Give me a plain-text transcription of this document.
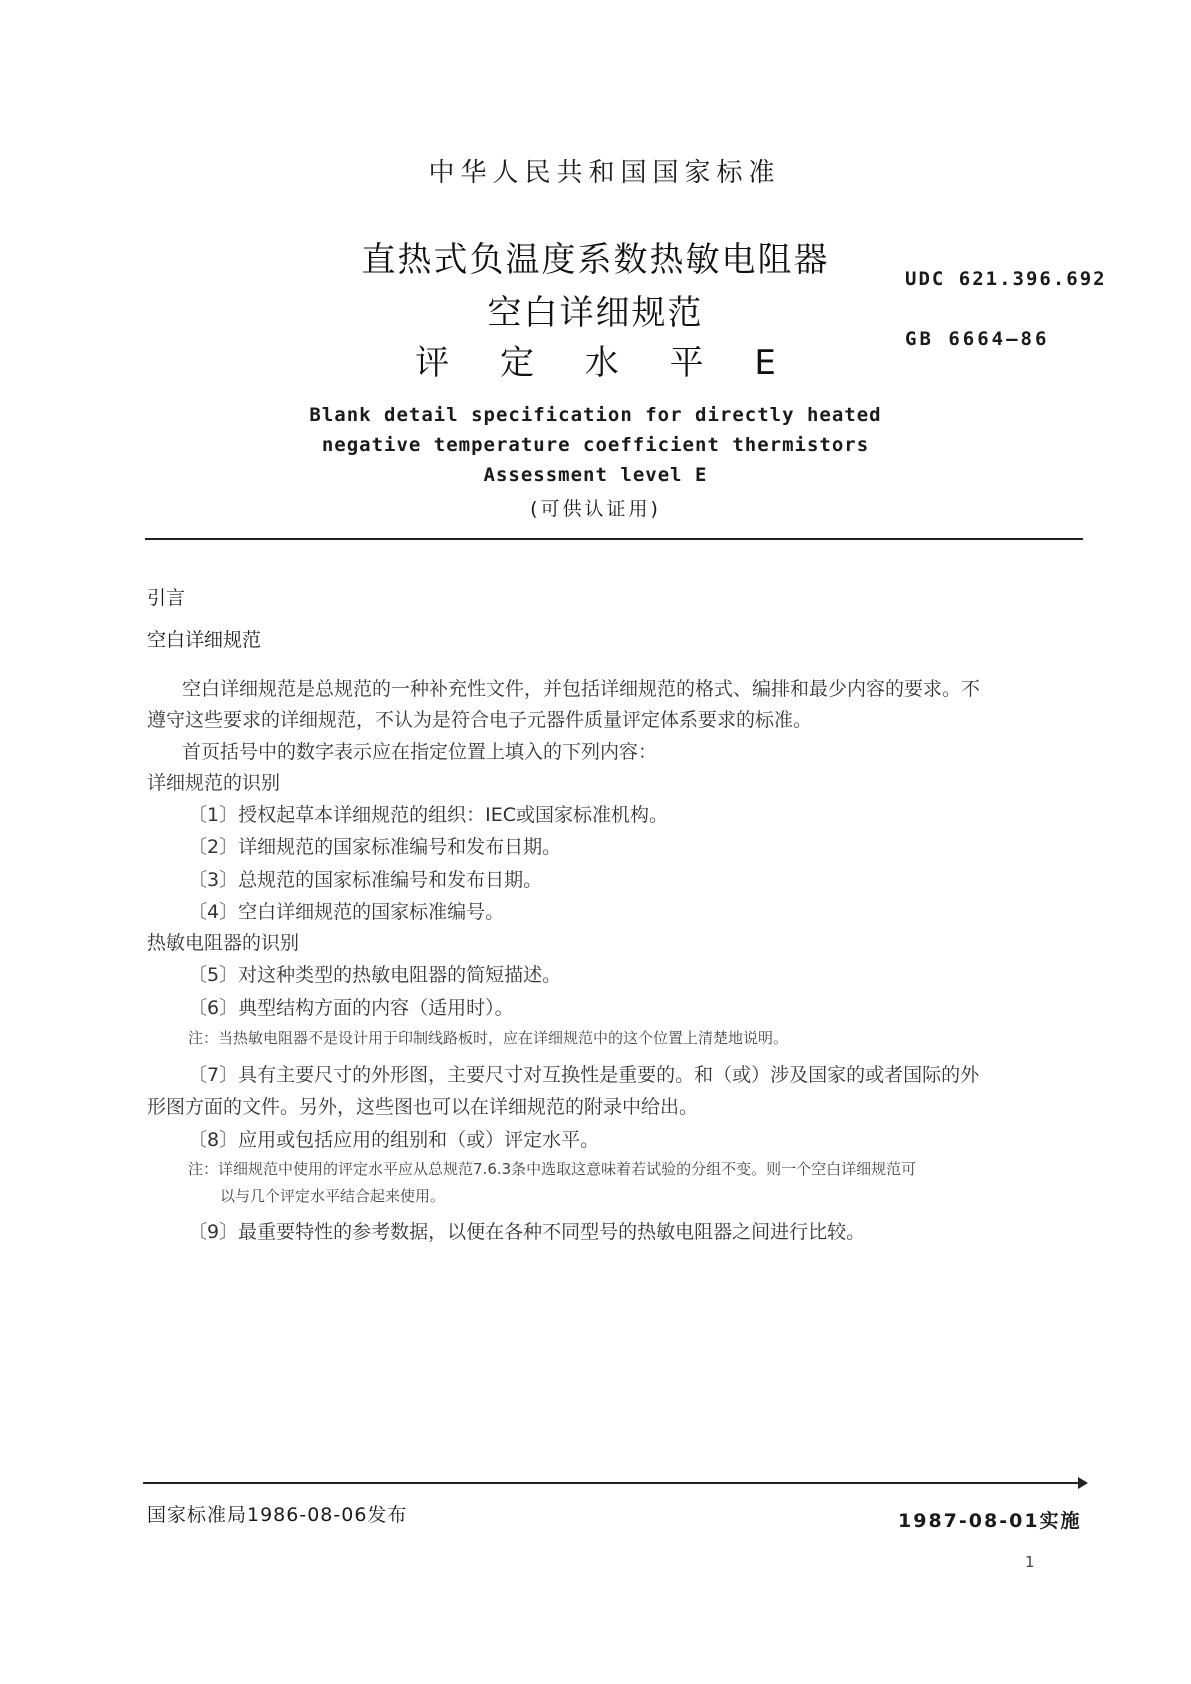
中华人民共和国国家标准
直热式负温度系数热敏电阻器
空白详细规范
评 定 水 平 E
UDC 621.396.692
GB 6664—86
Blank detail specification for directly heated
negative temperature coefficient thermistors
Assessment level E
(可供认证用)
引言
空白详细规范
空白详细规范是总规范的一种补充性文件，并包括详细规范的格式、编排和最少内容的要求。不
遵守这些要求的详细规范，不认为是符合电子元器件质量评定体系要求的标准。
首页括号中的数字表示应在指定位置上填入的下列内容：
详细规范的识别
〔1〕授权起草本详细规范的组织：IEC或国家标准机构。
〔2〕详细规范的国家标准编号和发布日期。
〔3〕总规范的国家标准编号和发布日期。
〔4〕空白详细规范的国家标准编号。
热敏电阻器的识别
〔5〕对这种类型的热敏电阻器的简短描述。
〔6〕典型结构方面的内容（适用时）。
注：当热敏电阻器不是设计用于印制线路板时，应在详细规范中的这个位置上清楚地说明。
〔7〕具有主要尺寸的外形图，主要尺寸对互换性是重要的。和（或）涉及国家的或者国际的外
形图方面的文件。另外，这些图也可以在详细规范的附录中给出。
〔8〕应用或包括应用的组别和（或）评定水平。
注：详细规范中使用的评定水平应从总规范7.6.3条中选取这意味着若试验的分组不变。则一个空白详细规范可
以与几个评定水平结合起来使用。
〔9〕最重要特性的参考数据，以便在各种不同型号的热敏电阻器之间进行比较。
国家标准局1986-08-06发布	1987-08-01实施
1
